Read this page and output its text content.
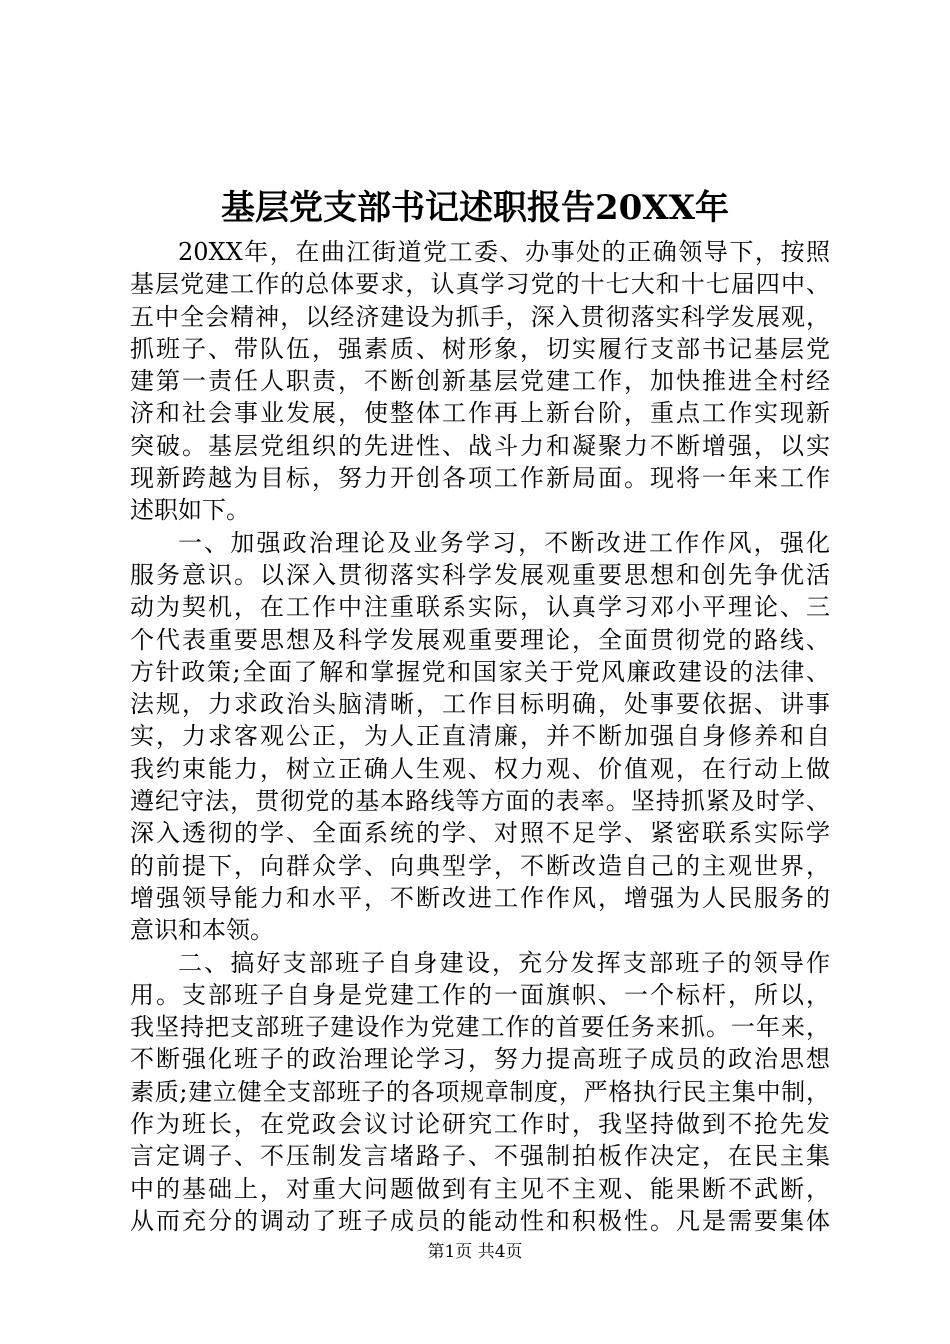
基层党支部书记述职报告20XX年
20XX年，在曲江街道党工委、办事处的正确领导下，按照
基层党建工作的总体要求，认真学习党的十七大和十七届四中、
五中全会精神，以经济建设为抓手，深入贯彻落实科学发展观，
抓班子、带队伍，强素质、树形象，切实履行支部书记基层党
建第一责任人职责，不断创新基层党建工作，加快推进全村经
济和社会事业发展，使整体工作再上新台阶，重点工作实现新
突破。基层党组织的先进性、战斗力和凝聚力不断增强，以实
现新跨越为目标，努力开创各项工作新局面。现将一年来工作
述职如下。
一、加强政治理论及业务学习，不断改进工作作风，强化
服务意识。以深入贯彻落实科学发展观重要思想和创先争优活
动为契机，在工作中注重联系实际，认真学习邓小平理论、三
个代表重要思想及科学发展观重要理论，全面贯彻党的路线、
方针政策;全面了解和掌握党和国家关于党风廉政建设的法律、
法规，力求政治头脑清晰，工作目标明确，处事要依据、讲事
实，力求客观公正，为人正直清廉，并不断加强自身修养和自
我约束能力，树立正确人生观、权力观、价值观，在行动上做
遵纪守法，贯彻党的基本路线等方面的表率。坚持抓紧及时学、
深入透彻的学、全面系统的学、对照不足学、紧密联系实际学
的前提下，向群众学、向典型学，不断改造自己的主观世界，
增强领导能力和水平，不断改进工作作风，增强为人民服务的
意识和本领。
二、搞好支部班子自身建设，充分发挥支部班子的领导作
用。支部班子自身是党建工作的一面旗帜、一个标杆，所以，
我坚持把支部班子建设作为党建工作的首要任务来抓。一年来，
不断强化班子的政治理论学习，努力提高班子成员的政治思想
素质;建立健全支部班子的各项规章制度，严格执行民主集中制，
作为班长，在党政会议讨论研究工作时，我坚持做到不抢先发
言定调子、不压制发言堵路子、不强制拍板作决定，在民主集
中的基础上，对重大问题做到有主见不主观、能果断不武断，
从而充分的调动了班子成员的能动性和积极性。凡是需要集体
第1页 共4页
